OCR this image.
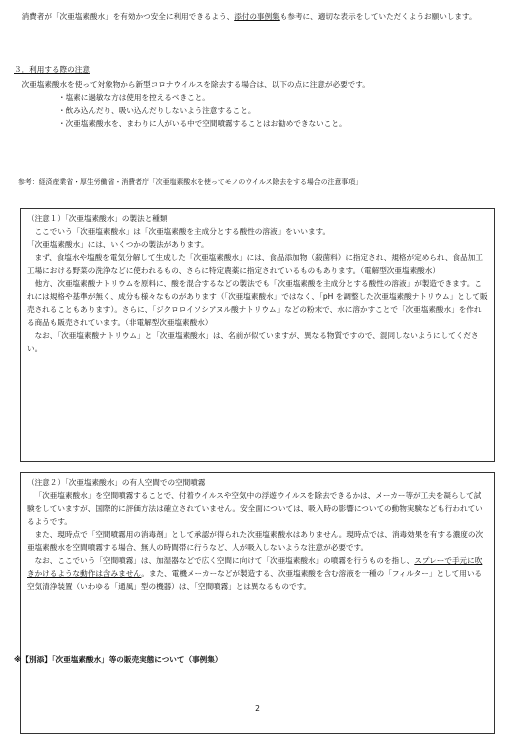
消費者が「次亜塩素酸水」を有効かつ安全に利用できるよう、添付の事例集も参考に、適切な表示をしていただくようお願いします。

３．利用する際の注意

次亜塩素酸水を使って対象物から新型コロナウイルスを除去する場合は、以下の点に注意が必要です。

・塩素に過敏な方は使用を控えるべきこと。
・飲み込んだり、吸い込んだりしないよう注意すること。
・次亜塩素酸水を、まわりに人がいる中で空間噴霧することはお勧めできないこと。
参考：経済産業省・厚生労働省・消費者庁「次亜塩素酸水を使ってモノのウイルス除去をする場合の注意事項」

（注意１）「次亜塩素酸水」の製法と種類

ここでいう「次亜塩素酸水」は「次亜塩素酸を主成分とする酸性の溶液」をいいます。

「次亜塩素酸水」には、いくつかの製法があります。

まず、食塩水や塩酸を電気分解して生成した「次亜塩素酸水」には、食品添加物（殺菌料）に指定され、規格が定められ、食品加工工場における野菜の洗浄などに使われるもの、さらに特定農薬に指定されているものもあります。（電解型次亜塩素酸水）

他方、次亜塩素酸ナトリウムを原料に、酸を混合するなどの製法でも「次亜塩素酸を主成分とする酸性の溶液」が製造できます。これには規格や基準が無く、成分も様々なものがあります（「次亜塩素酸水」ではなく、「pH を調整した次亜塩素酸ナトリウム」として販売されることもあります）。さらに、「ジクロロイソシアヌル酸ナトリウム」などの粉末で、水に溶かすことで「次亜塩素酸水」を作れる商品も販売されています。（非電解型次亜塩素酸水）

なお、「次亜塩素酸ナトリウム」と「次亜塩素酸水」は、名前が似ていますが、異なる物質ですので、混同しないようにしてください。

（注意２）「次亜塩素酸水」の有人空間での空間噴霧

「次亜塩素酸水」を空間噴霧することで、付着ウイルスや空気中の浮遊ウイルスを除去できるかは、メーカー等が工夫を凝らして試験をしていますが、国際的に評価方法は確立されていません。安全面については、吸入時の影響についての動物実験なども行われているようです。

また、現時点で「空間噴霧用の消毒剤」として承認が得られた次亜塩素酸水はありません。現時点では、消毒効果を有する濃度の次亜塩素酸水を空間噴霧する場合、無人の時間帯に行うなど、人が吸入しないような注意が必要です。

なお、ここでいう「空間噴霧」は、加湿器などで広く空間に向けて「次亜塩素酸水」の噴霧を行うものを指し、スプレーで手元に吹きかけるような動作は含みません。また、電機メーカーなどが製造する、次亜塩素酸を含む溶液を一種の「フィルター」として用いる空気清浄装置（いわゆる「通風」型の機器）は、「空間噴霧」とは異なるものです。

※【別添】「次亜塩素酸水」等の販売実態について（事例集）
2
